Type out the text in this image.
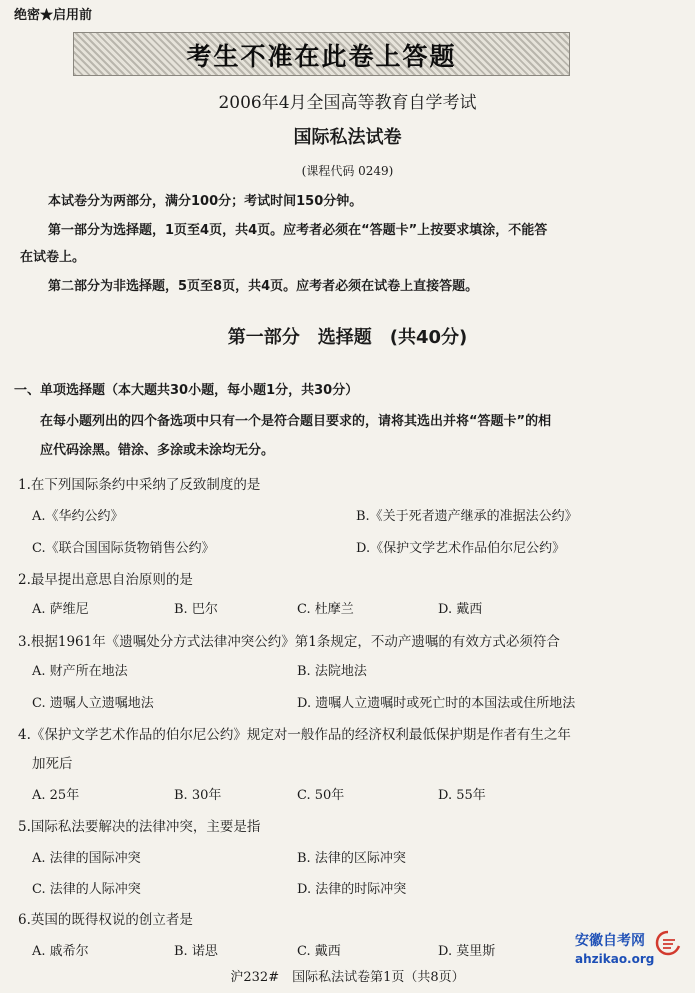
绝密★启用前
考生不准在此卷上答题
2006年4月全国高等教育自学考试
国际私法试卷
(课程代码 0249)
本试卷分为两部分，满分100分；考试时间150分钟。
第一部分为选择题，1页至4页，共4页。应考者必须在“答题卡”上按要求填涂，不能答
在试卷上。
第二部分为非选择题，5页至8页，共4页。应考者必须在试卷上直接答题。
第一部分　选择题　(共40分)
一、单项选择题（本大题共30小题，每小题1分，共30分）
在每小题列出的四个备选项中只有一个是符合题目要求的，请将其选出并将“答题卡”的相
应代码涂黑。错涂、多涂或未涂均无分。
1.在下列国际条约中采纳了反致制度的是
A.《华约公约》	B.《关于死者遗产继承的准据法公约》
C.《联合国国际货物销售公约》	D.《保护文学艺术作品伯尔尼公约》
2.最早提出意思自治原则的是
A. 萨维尼	B. 巴尔	C. 杜摩兰	D. 戴西
3.根据1961年《遗嘱处分方式法律冲突公约》第1条规定，不动产遗嘱的有效方式必须符合
A. 财产所在地法	B. 法院地法
C. 遗嘱人立遗嘱地法	D. 遗嘱人立遗嘱时或死亡时的本国法或住所地法
4.《保护文学艺术作品的伯尔尼公约》规定对一般作品的经济权利最低保护期是作者有生之年
加死后
A. 25年	B. 30年	C. 50年	D. 55年
5.国际私法要解决的法律冲突，主要是指
A. 法律的国际冲突	B. 法律的区际冲突
C. 法律的人际冲突	D. 法律的时际冲突
6.英国的既得权说的创立者是
A. 戚希尔	B. 诺思	C. 戴西	D. 莫里斯
沪232#　国际私法试卷第1页（共8页）
安徽自考网
ahzikao.org
